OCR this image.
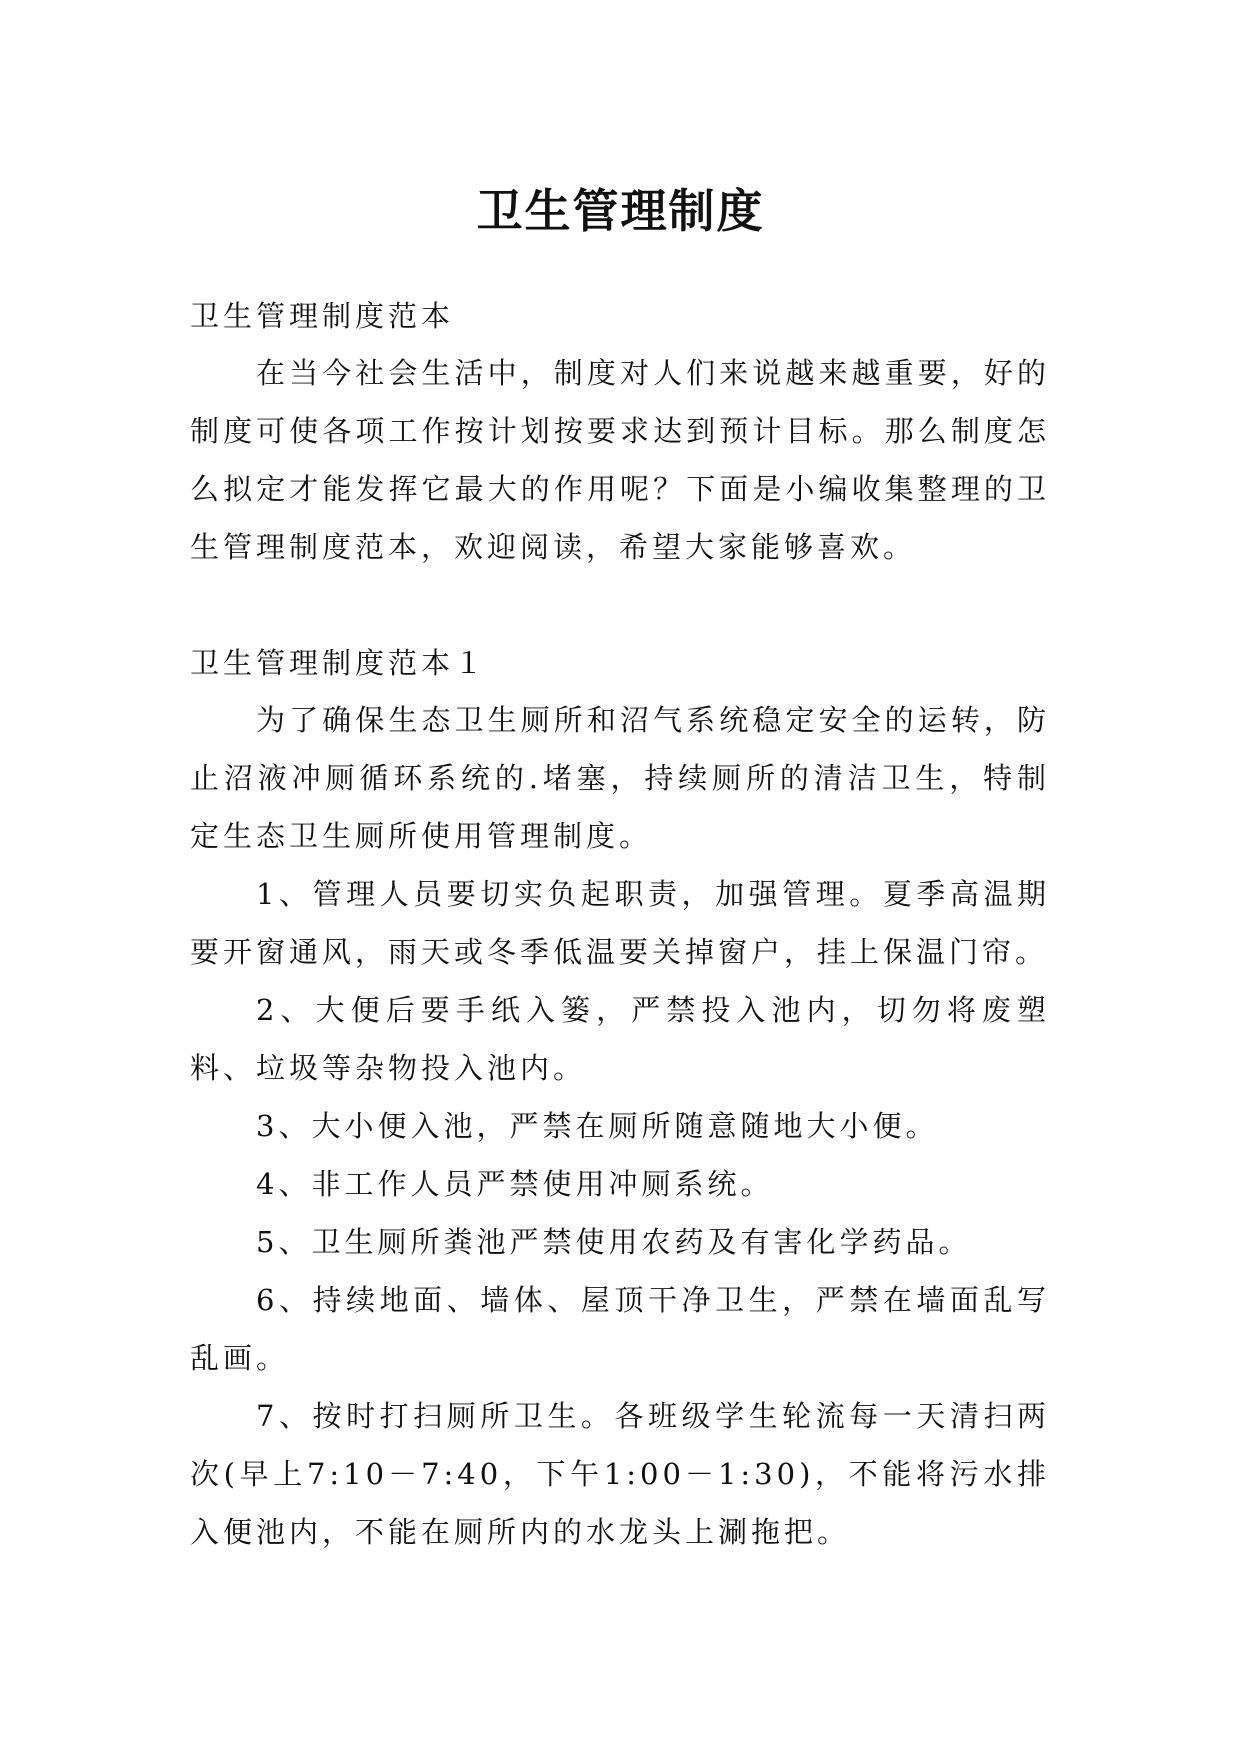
卫生管理制度

卫生管理制度范本

在当今社会生活中，制度对人们来说越来越重要，好的制度可使各项工作按计划按要求达到预计目标。那么制度怎么拟定才能发挥它最大的作用呢？下面是小编收集整理的卫生管理制度范本，欢迎阅读，希望大家能够喜欢。

卫生管理制度范本１

为了确保生态卫生厕所和沼气系统稳定安全的运转，防止沼液冲厕循环系统的.堵塞，持续厕所的清洁卫生，特制定生态卫生厕所使用管理制度。

1、管理人员要切实负起职责，加强管理。夏季高温期要开窗通风，雨天或冬季低温要关掉窗户，挂上保温门帘。

2、大便后要手纸入篓，严禁投入池内，切勿将废塑料、垃圾等杂物投入池内。

3、大小便入池，严禁在厕所随意随地大小便。

4、非工作人员严禁使用冲厕系统。

5、卫生厕所粪池严禁使用农药及有害化学药品。

6、持续地面、墙体、屋顶干净卫生，严禁在墙面乱写乱画。

7、按时打扫厕所卫生。各班级学生轮流每一天清扫两次(早上7:10－7:40，下午1:00－1:30)，不能将污水排入便池内，不能在厕所内的水龙头上涮拖把。
